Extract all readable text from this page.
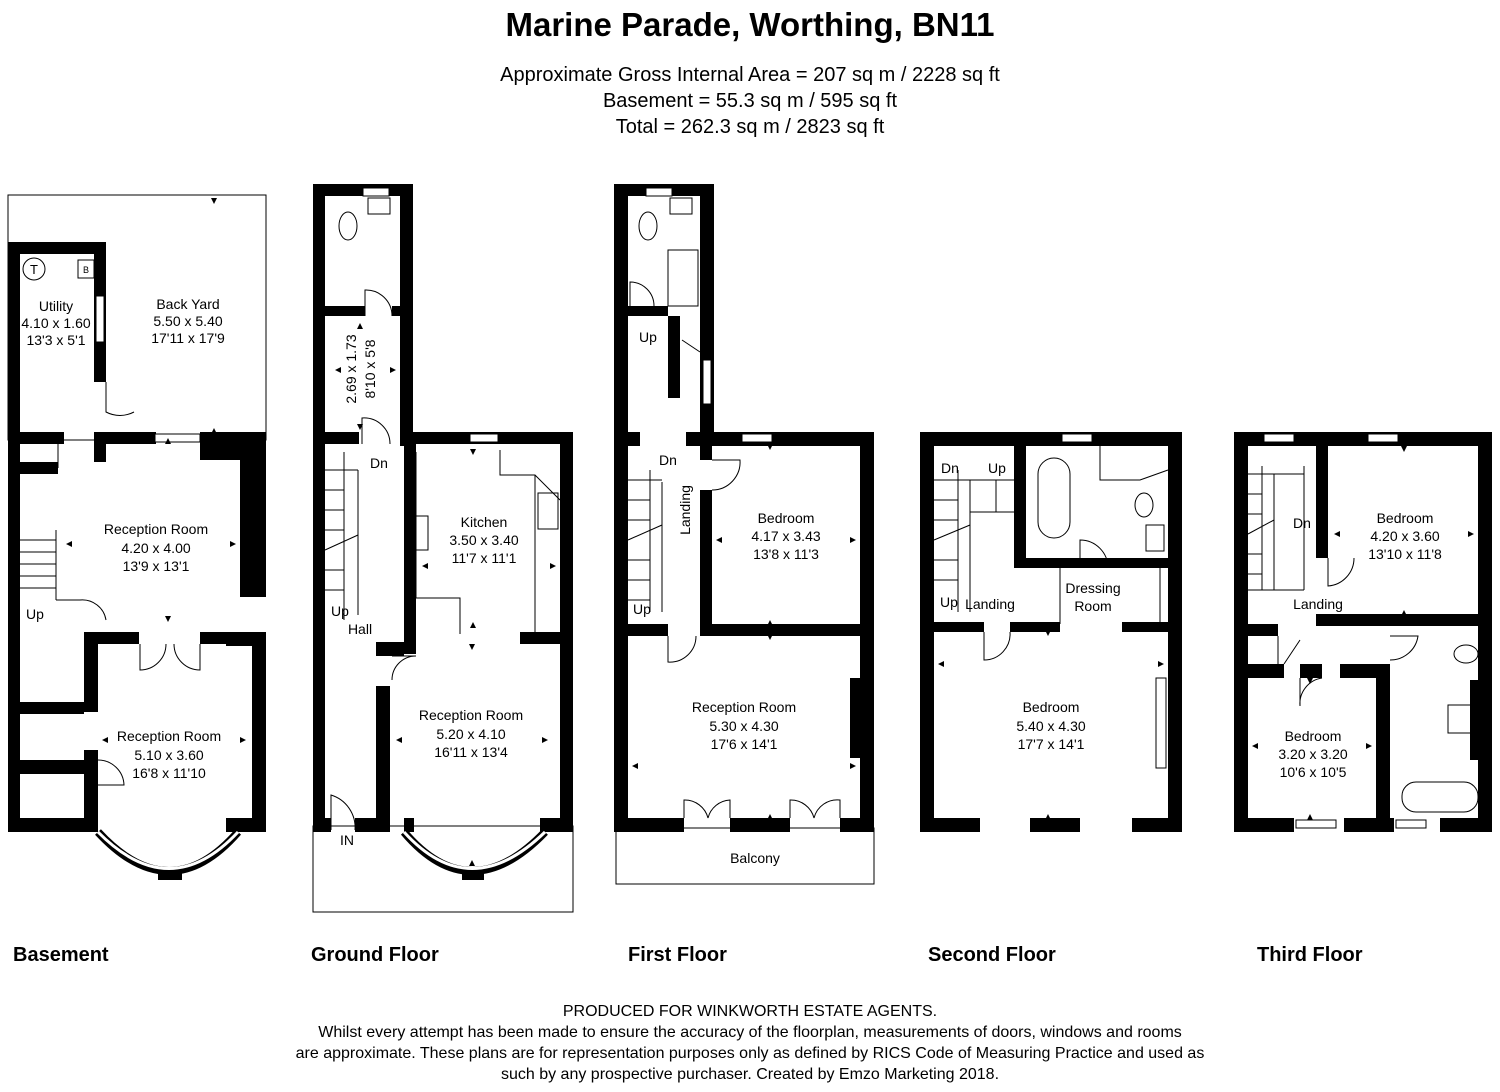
Marine Parade, Worthing, BN11
Approximate Gross Internal Area = 207 sq m / 2228 sq ft
Basement = 55.3 sq m / 595 sq ft
Total = 262.3 sq m / 2823 sq ft
Back Yard
5.50 x 5.40
17'11 x 17'9
Utility
4.10 x 1.60
13'3 x 5'1
T	B
Reception Room
4.20 x 4.00
13'9 x 13'1
Reception Room
5.10 x 3.60
16'8 x 11'10
Up
2.69 x 1.73 8'10 x 5'8
Dn
Up
Hall
Kitchen
3.50 x 3.40
11'7 x 11'1
Reception Room
5.20 x 4.10
16'11 x 13'4
IN
Up
Dn
Landing
Up
Bedroom
4.17 x 3.43
13'8 x 11'3
Reception Room
5.30 x 4.30
17'6 x 14'1
Balcony
Dn Up
Up Landing
Dressing
Room
Bedroom
5.40 x 4.30
17'7 x 14'1
Dn
Landing
Bedroom
4.20 x 3.60
13'10 x 11'8
Bedroom
3.20 x 3.20
10'6 x 10'5
Basement	Ground Floor	First Floor	Second Floor	Third Floor
PRODUCED FOR WINKWORTH ESTATE AGENTS.
Whilst every attempt has been made to ensure the accuracy of the floorplan, measurements of doors, windows and rooms
are approximate. These plans are for representation purposes only as defined by RICS Code of Measuring Practice and used as
such by any prospective purchaser. Created by Emzo Marketing 2018.
